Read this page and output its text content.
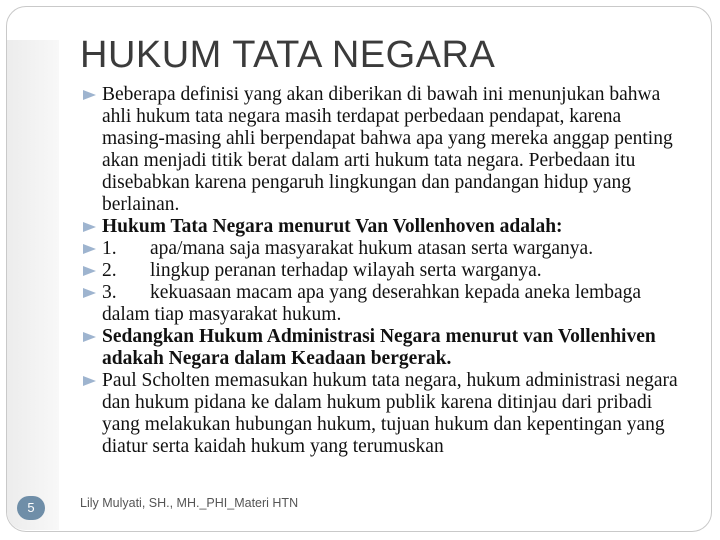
HUKUM TATA NEGARA
Beberapa definisi yang akan diberikan di bawah ini menunjukan bahwa ahli hukum tata negara masih terdapat perbedaan pendapat, karena masing-masing ahli berpendapat bahwa apa yang mereka anggap penting akan menjadi titik berat dalam arti hukum tata negara. Perbedaan itu disebabkan karena pengaruh lingkungan dan pandangan hidup yang berlainan.
Hukum Tata Negara menurut Van Vollenhoven adalah:
1. apa/mana saja masyarakat hukum atasan serta warganya.
2. lingkup peranan terhadap wilayah serta warganya.
3. kekuasaan macam apa yang deserahkan kepada aneka lembaga dalam tiap masyarakat hukum.
Sedangkan Hukum Administrasi Negara menurut van Vollenhiven adakah Negara dalam Keadaan bergerak.
Paul Scholten memasukan hukum tata negara, hukum administrasi negara dan hukum pidana ke dalam hukum publik karena ditinjau dari pribadi yang melakukan hubungan hukum, tujuan hukum dan kepentingan yang diatur serta kaidah hukum yang terumuskan
5	Lily Mulyati, SH., MH._PHI_Materi HTN
